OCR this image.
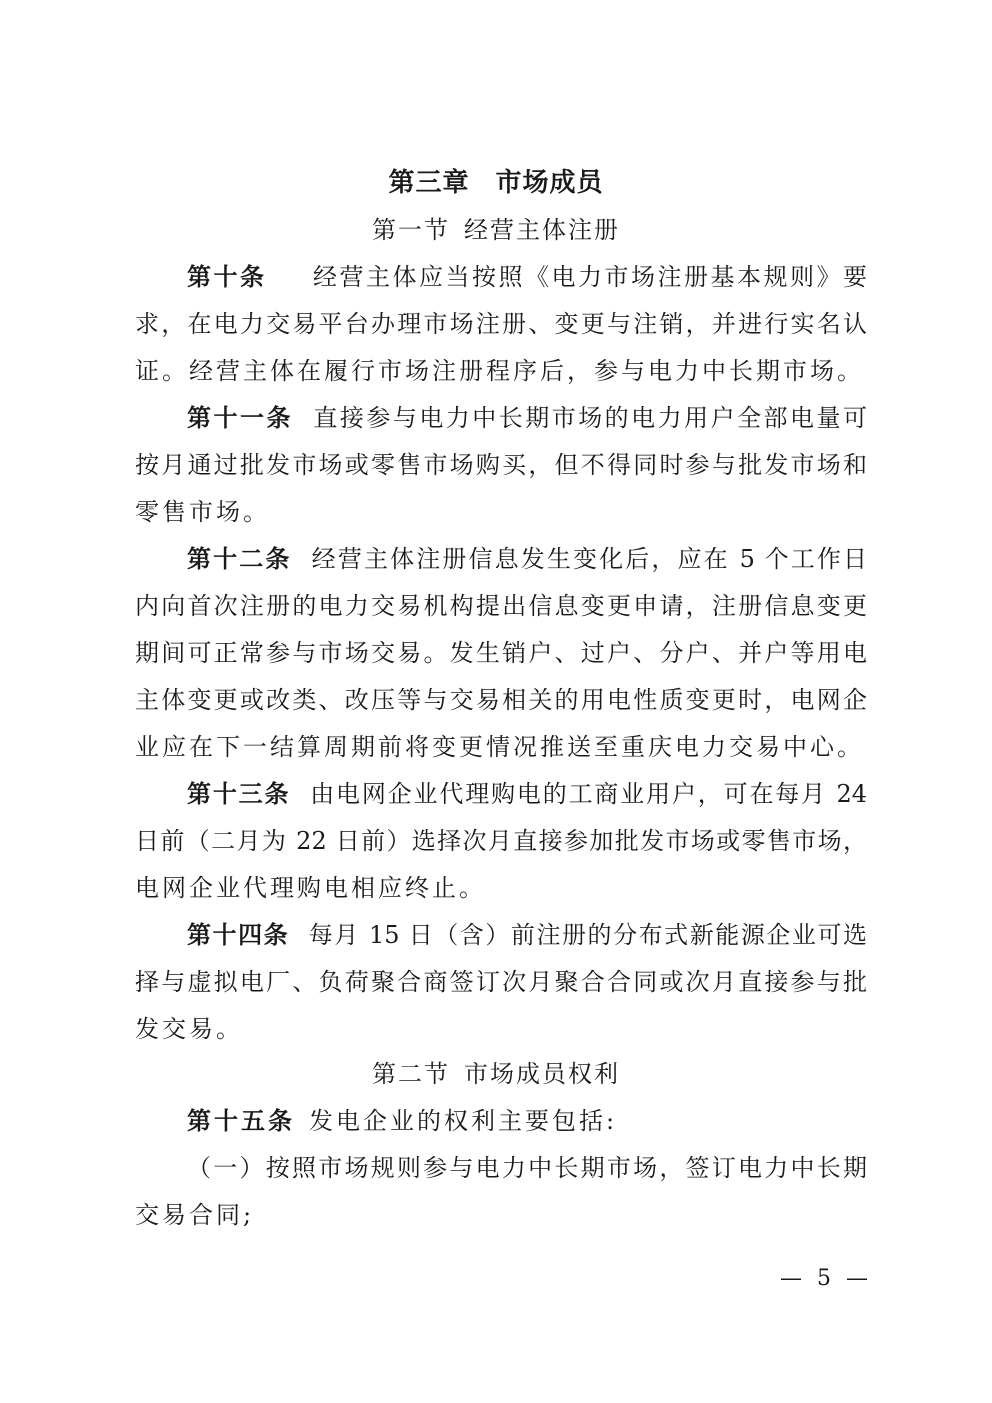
第三章 市场成员
第一节 经营主体注册
第十条 经营主体应当按照《电力市场注册基本规则》要
求，在电力交易平台办理市场注册、变更与注销，并进行实名认
证。经营主体在履行市场注册程序后，参与电力中长期市场。
第十一条 直接参与电力中长期市场的电力用户全部电量可
按月通过批发市场或零售市场购买，但不得同时参与批发市场和
零售市场。
第十二条 经营主体注册信息发生变化后，应在 5 个工作日
内向首次注册的电力交易机构提出信息变更申请，注册信息变更
期间可正常参与市场交易。发生销户、过户、分户、并户等用电
主体变更或改类、改压等与交易相关的用电性质变更时，电网企
业应在下一结算周期前将变更情况推送至重庆电力交易中心。
第十三条 由电网企业代理购电的工商业用户，可在每月 24
日前（二月为 22 日前）选择次月直接参加批发市场或零售市场，
电网企业代理购电相应终止。
第十四条 每月 15 日（含）前注册的分布式新能源企业可选
择与虚拟电厂、负荷聚合商签订次月聚合合同或次月直接参与批
发交易。
第二节 市场成员权利
第十五条 发电企业的权利主要包括:
（一）按照市场规则参与电力中长期市场，签订电力中长期
交易合同;
— 5 —
